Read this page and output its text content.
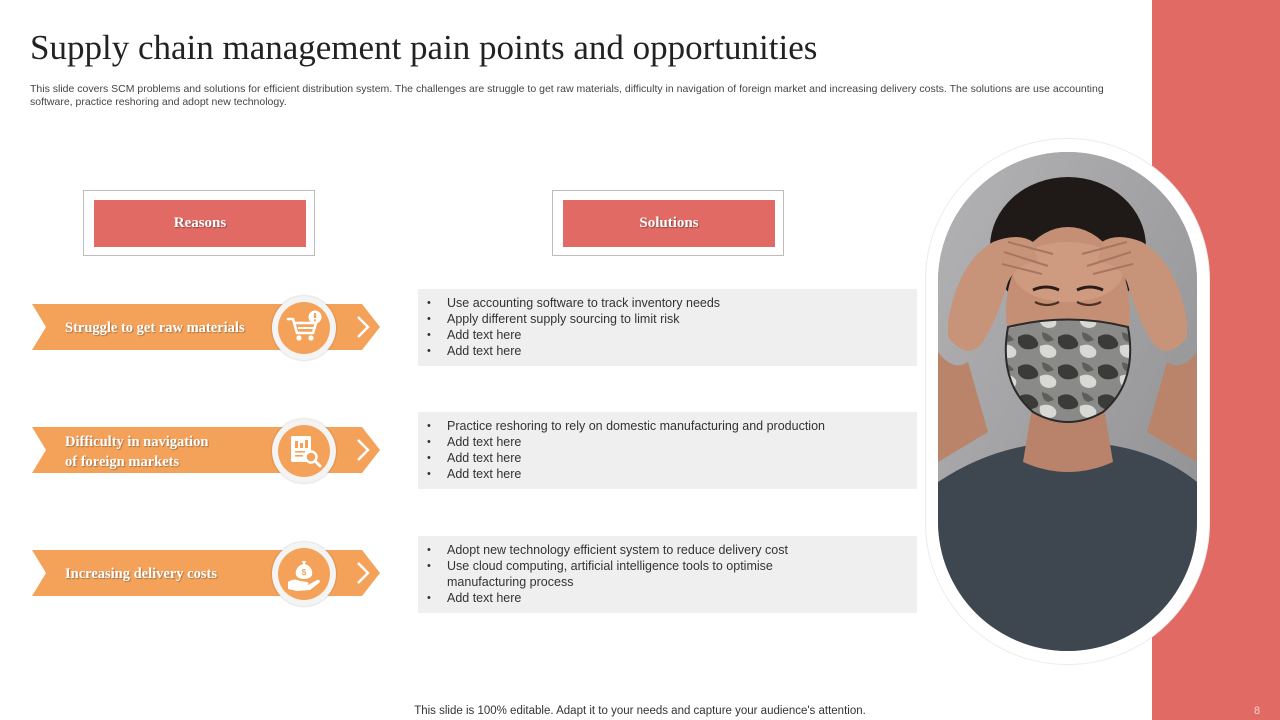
Supply chain management pain points and opportunities
This slide covers SCM problems and solutions for efficient distribution system. The challenges are struggle to get raw materials, difficulty in navigation of foreign market and increasing delivery costs. The solutions are use accounting software, practice reshoring and adopt new technology.
Reasons	Solutions
Struggle to get raw materials
• Use accounting software to track inventory needs
• Apply different supply sourcing to limit risk
• Add text here
• Add text here
Difficulty in navigation
of foreign markets
• Practice reshoring to rely on domestic manufacturing and production
• Add text here
• Add text here
• Add text here
Increasing delivery costs	$
• Adopt new technology efficient system to reduce delivery cost
• Use cloud computing, artificial intelligence tools to optimise manufacturing process
• Add text here
This slide is 100% editable. Adapt it to your needs and capture your audience's attention.	8
